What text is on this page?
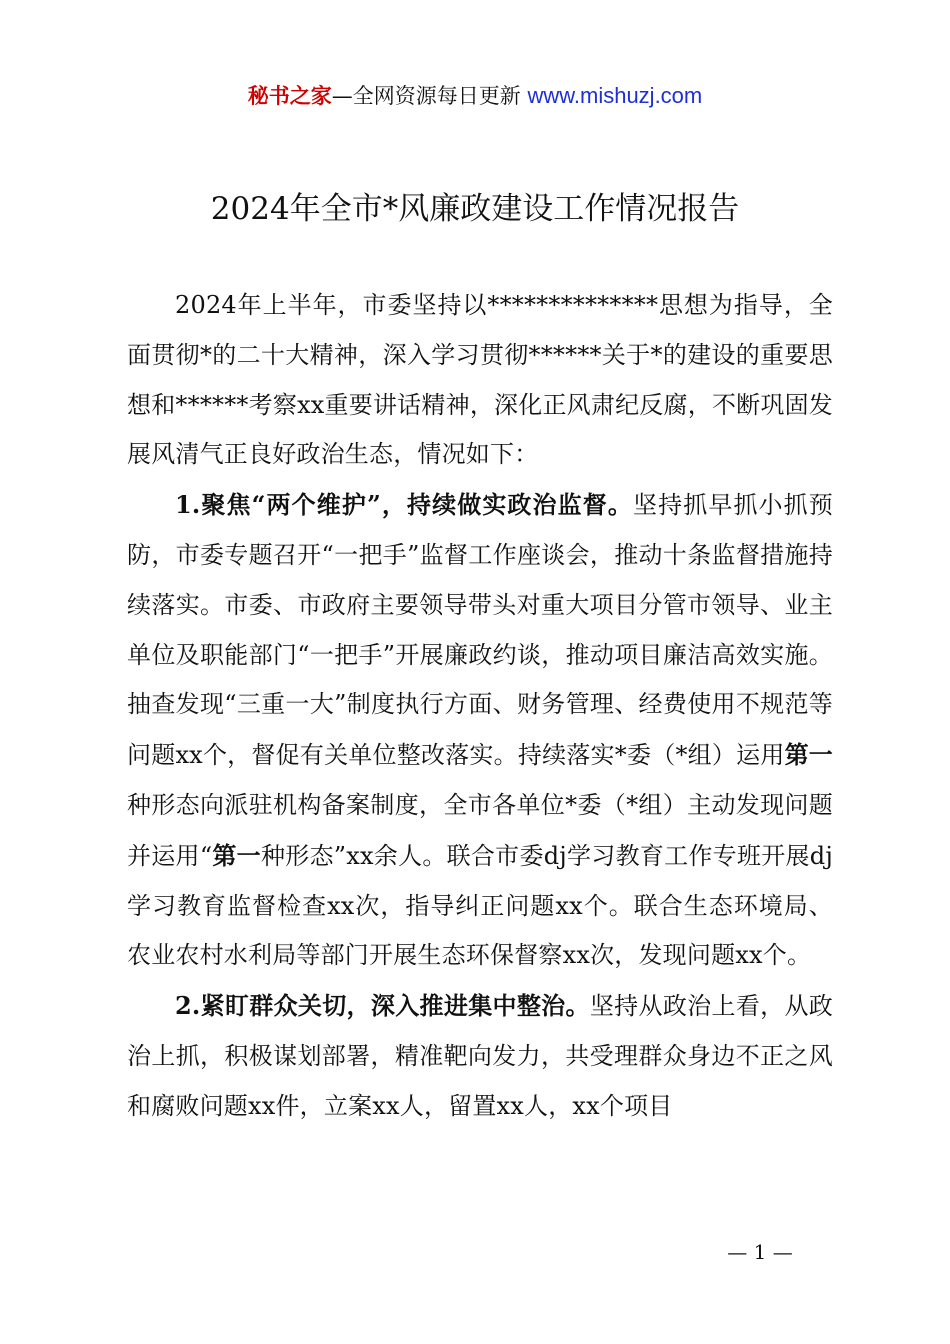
秘书之家—全网资源每日更新 www.mishuzj.com
2024年全市*风廉政建设工作情况报告

2024年上半年，市委坚持以**************思想为指导，全面贯彻*的二十大精神，深入学习贯彻******关于*的建设的重要思想和******考察xx重要讲话精神，深化正风肃纪反腐，不断巩固发展风清气正良好政治生态，情况如下：

1.聚焦“两个维护”，持续做实政治监督。坚持抓早抓小抓预防，市委专题召开“一把手”监督工作座谈会，推动十条监督措施持续落实。市委、市政府主要领导带头对重大项目分管市领导、业主单位及职能部门“一把手”开展廉政约谈，推动项目廉洁高效实施。抽查发现“三重一大”制度执行方面、财务管理、经费使用不规范等问题xx个，督促有关单位整改落实。持续落实*委（*组）运用第一种形态向派驻机构备案制度，全市各单位*委（*组）主动发现问题并运用“第一种形态”xx余人。联合市委dj学习教育工作专班开展dj学习教育监督检查xx次，指导纠正问题xx个。联合生态环境局、农业农村水利局等部门开展生态环保督察xx次，发现问题xx个。

2.紧盯群众关切，深入推进集中整治。坚持从政治上看，从政治上抓，积极谋划部署，精准靶向发力，共受理群众身边不正之风和腐败问题xx件，立案xx人，留置xx人，xx个项目

— 1 —
